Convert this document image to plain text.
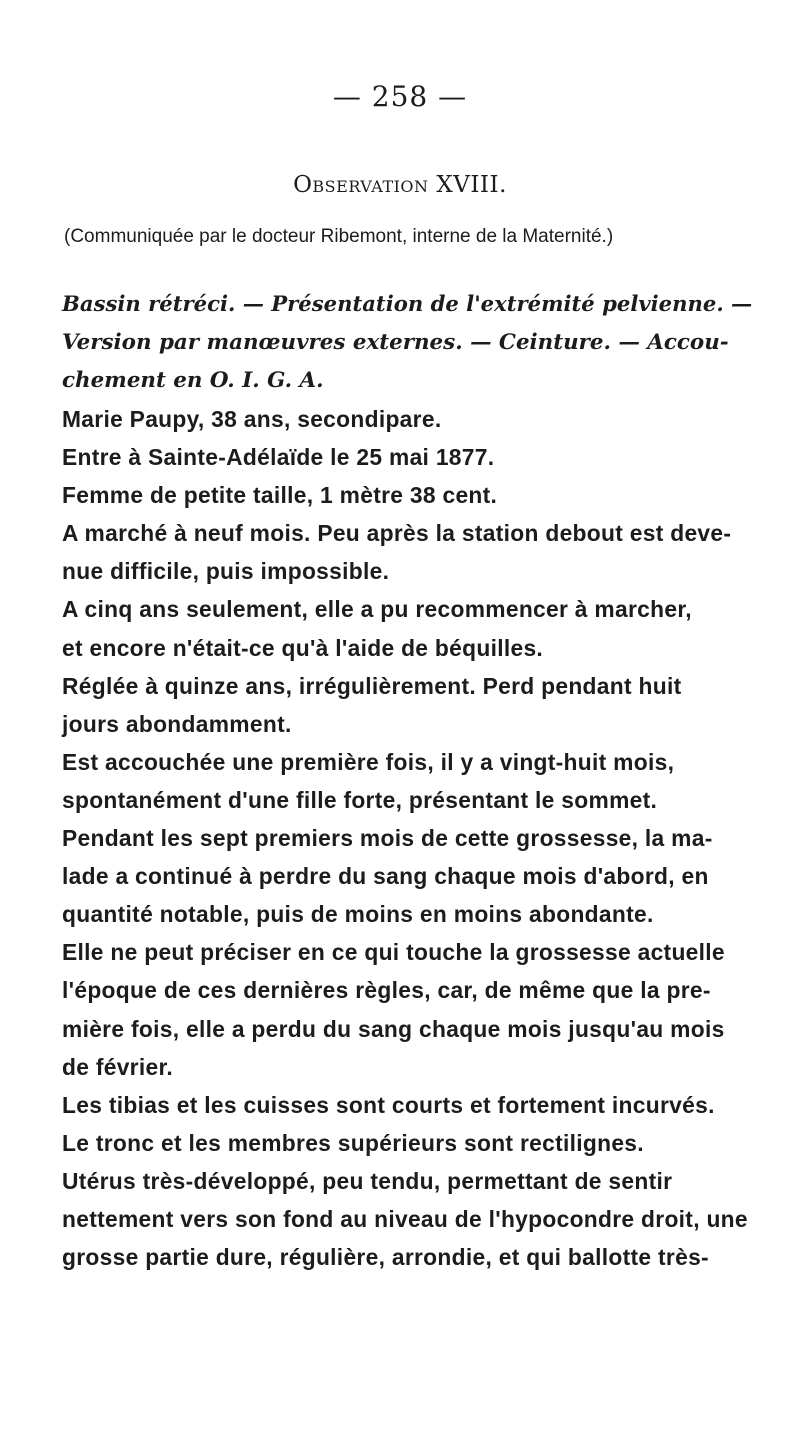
— 258 —
Observation XVIII.
(Communiquée par le docteur Ribemont, interne de la Maternité.)
Bassin rétréci. — Présentation de l'extrémité pelvienne. —
Version par manœuvres externes. — Ceinture. — Accou-
chement en O. I. G. A.
Marie Paupy, 38 ans, secondipare.
Entre à Sainte-Adélaïde le 25 mai 1877.
Femme de petite taille, 1 mètre 38 cent.
A marché à neuf mois. Peu après la station debout est deve-
nue difficile, puis impossible.
A cinq ans seulement, elle a pu recommencer à marcher,
et encore n'était-ce qu'à l'aide de béquilles.
Réglée à quinze ans, irrégulièrement. Perd pendant huit
jours abondamment.
Est accouchée une première fois, il y a vingt-huit mois,
spontanément d'une fille forte, présentant le sommet.
Pendant les sept premiers mois de cette grossesse, la ma-
lade a continué à perdre du sang chaque mois d'abord, en
quantité notable, puis de moins en moins abondante.
Elle ne peut préciser en ce qui touche la grossesse actuelle
l'époque de ces dernières règles, car, de même que la pre-
mière fois, elle a perdu du sang chaque mois jusqu'au mois
de février.
Les tibias et les cuisses sont courts et fortement incurvés.
Le tronc et les membres supérieurs sont rectilignes.
Utérus très-développé, peu tendu, permettant de sentir
nettement vers son fond au niveau de l'hypocondre droit, une
grosse partie dure, régulière, arrondie, et qui ballotte très-
